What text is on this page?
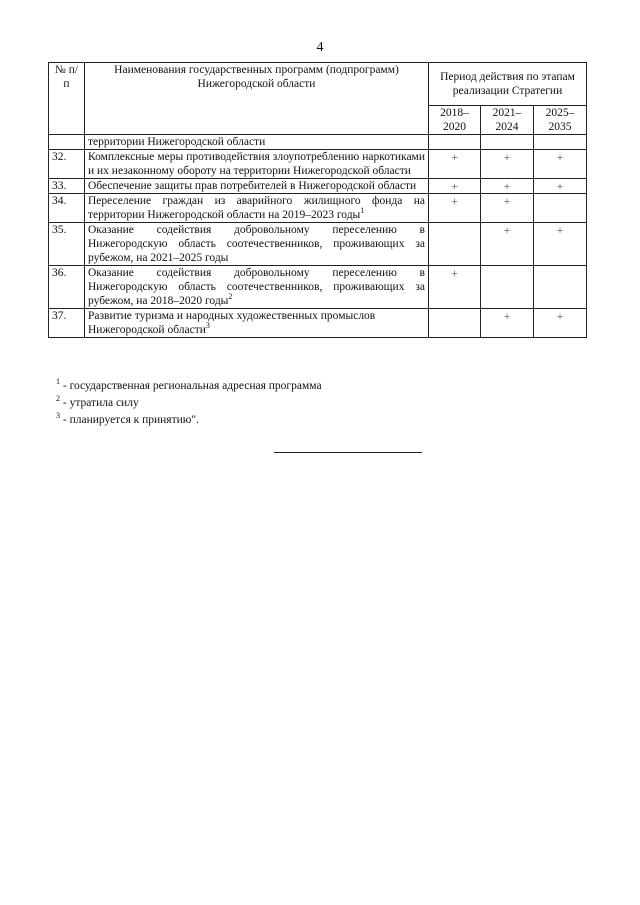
4
№ п/п	Наименования государственных программ (подпрограмм) Нижегородской области	Период действия по этапам реализации Стратегии		
		2018–2020	2021–2024	2025–2035
	территории Нижегородской области			
32.	Комплексные меры противодействия злоупотреблению наркотиками и их незаконному обороту на территории Нижегородской области	+	+	+
33.	Обеспечение защиты прав потребителей в Нижегородской области	+	+	+
34.	Переселение граждан из аварийного жилищного фонда на территории Нижегородской области на 2019–2023 годы$^1$	+	+	
35.	Оказание содействия добровольному переселению в Нижегородскую область соотечественников, проживающих за рубежом, на 2021–2025 годы		+	+
36.	Оказание содействия добровольному переселению в Нижегородскую область соотечественников, проживающих за рубежом, на 2018–2020 годы$^2$	+		
37.	Развитие туризма и народных художественных промыслов Нижегородской области$^3$		+	+
$^1$ - государственная региональная адресная программа
$^2$ - утратила силу
$^3$ - планируется к принятию".
